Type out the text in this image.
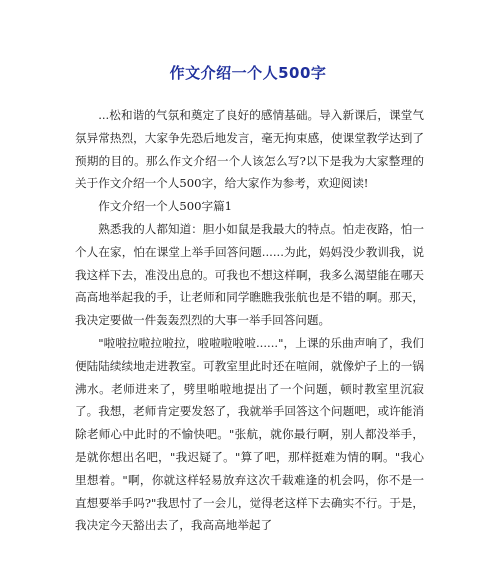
作文介绍一个人500字

...松和谐的气氛和奠定了良好的感情基础。导入新课后，课堂气氛异常热烈，大家争先恐后地发言，毫无拘束感，使课堂教学达到了预期的目的。那么作文介绍一个人该怎么写?以下是我为大家整理的关于作文介绍一个人500字，给大家作为参考，欢迎阅读!

作文介绍一个人500字篇1

熟悉我的人都知道：胆小如鼠是我最大的特点。怕走夜路，怕一个人在家，怕在课堂上举手回答问题......为此，妈妈没少教训我，说我这样下去，准没出息的。可我也不想这样啊，我多么渴望能在哪天高高地举起我的手，让老师和同学瞧瞧我张航也是不错的啊。那天，我决定要做一件轰轰烈烈的大事一举手回答问题。

"啦啦拉啦拉啦拉，啦啦啦啦啦......"，上课的乐曲声响了，我们便陆陆续续地走进教室。可教室里此时还在喧闹，就像炉子上的一锅沸水。老师进来了，劈里啪啦地提出了一个问题，顿时教室里沉寂了。我想，老师肯定要发怒了，我就举手回答这个问题吧，或许能消除老师心中此时的不愉快吧。"张航，就你最行啊，别人都没举手，是就你想出名吧，"我迟疑了。"算了吧，那样挺难为情的啊。"我心里想着。"啊，你就这样轻易放弃这次千载难逢的机会吗，你不是一直想要举手吗?"我思忖了一会儿，觉得老这样下去确实不行。于是，我决定今天豁出去了，我高高地举起了
